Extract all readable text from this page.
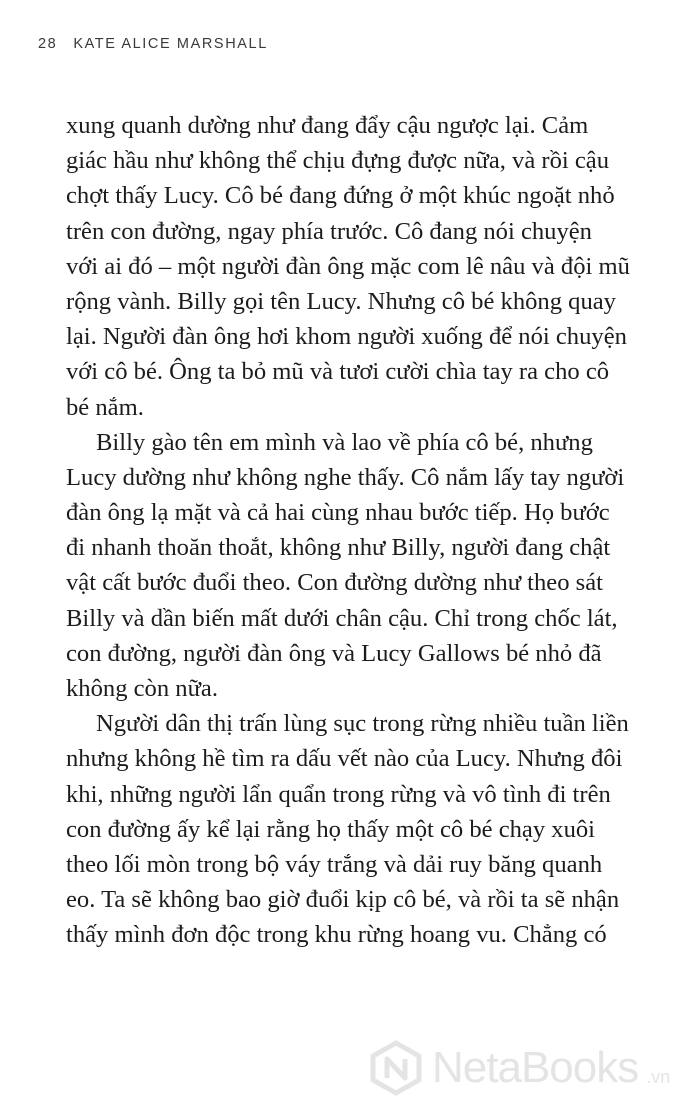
28 KATE ALICE MARSHALL
xung quanh dường như đang đẩy cậu ngược lại. Cảm
giác hầu như không thể chịu đựng được nữa, và rồi cậu
chợt thấy Lucy. Cô bé đang đứng ở một khúc ngoặt nhỏ
trên con đường, ngay phía trước. Cô đang nói chuyện
với ai đó – một người đàn ông mặc com lê nâu và đội mũ
rộng vành. Billy gọi tên Lucy. Nhưng cô bé không quay
lại. Người đàn ông hơi khom người xuống để nói chuyện
với cô bé. Ông ta bỏ mũ và tươi cười chìa tay ra cho cô
bé nắm.
Billy gào tên em mình và lao về phía cô bé, nhưng
Lucy dường như không nghe thấy. Cô nắm lấy tay người
đàn ông lạ mặt và cả hai cùng nhau bước tiếp. Họ bước
đi nhanh thoăn thoắt, không như Billy, người đang chật
vật cất bước đuổi theo. Con đường dường như theo sát
Billy và dần biến mất dưới chân cậu. Chỉ trong chốc lát,
con đường, người đàn ông và Lucy Gallows bé nhỏ đã
không còn nữa.
Người dân thị trấn lùng sục trong rừng nhiều tuần liền
nhưng không hề tìm ra dấu vết nào của Lucy. Nhưng đôi
khi, những người lẩn quẩn trong rừng và vô tình đi trên
con đường ấy kể lại rằng họ thấy một cô bé chạy xuôi
theo lối mòn trong bộ váy trắng và dải ruy băng quanh
eo. Ta sẽ không bao giờ đuổi kịp cô bé, và rồi ta sẽ nhận
thấy mình đơn độc trong khu rừng hoang vu. Chẳng có
NetaBooks .vn
